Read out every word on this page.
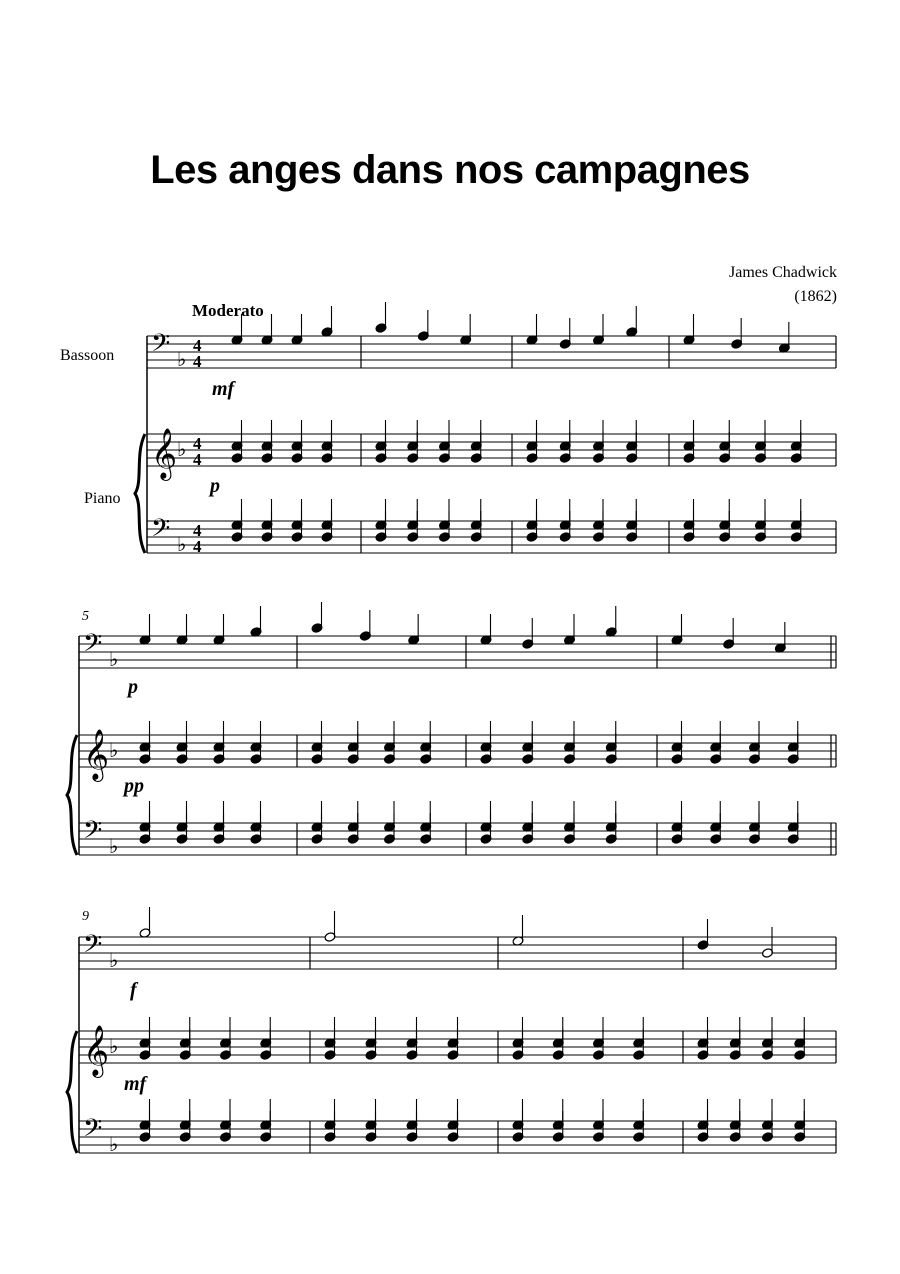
Les anges dans nos campagnes
James Chadwick
(1862)
𝄢 ♭
4
4
𝄞 ♭ 4
4
𝄢 ♭
4
4
𝄢 ♭
𝄞 ♭
𝄢 ♭
𝄢 ♭
𝄞 ♭
𝄢 ♭
Moderato
Bassoon
Piano
5
9
mf
p
p
pp
f
mf
